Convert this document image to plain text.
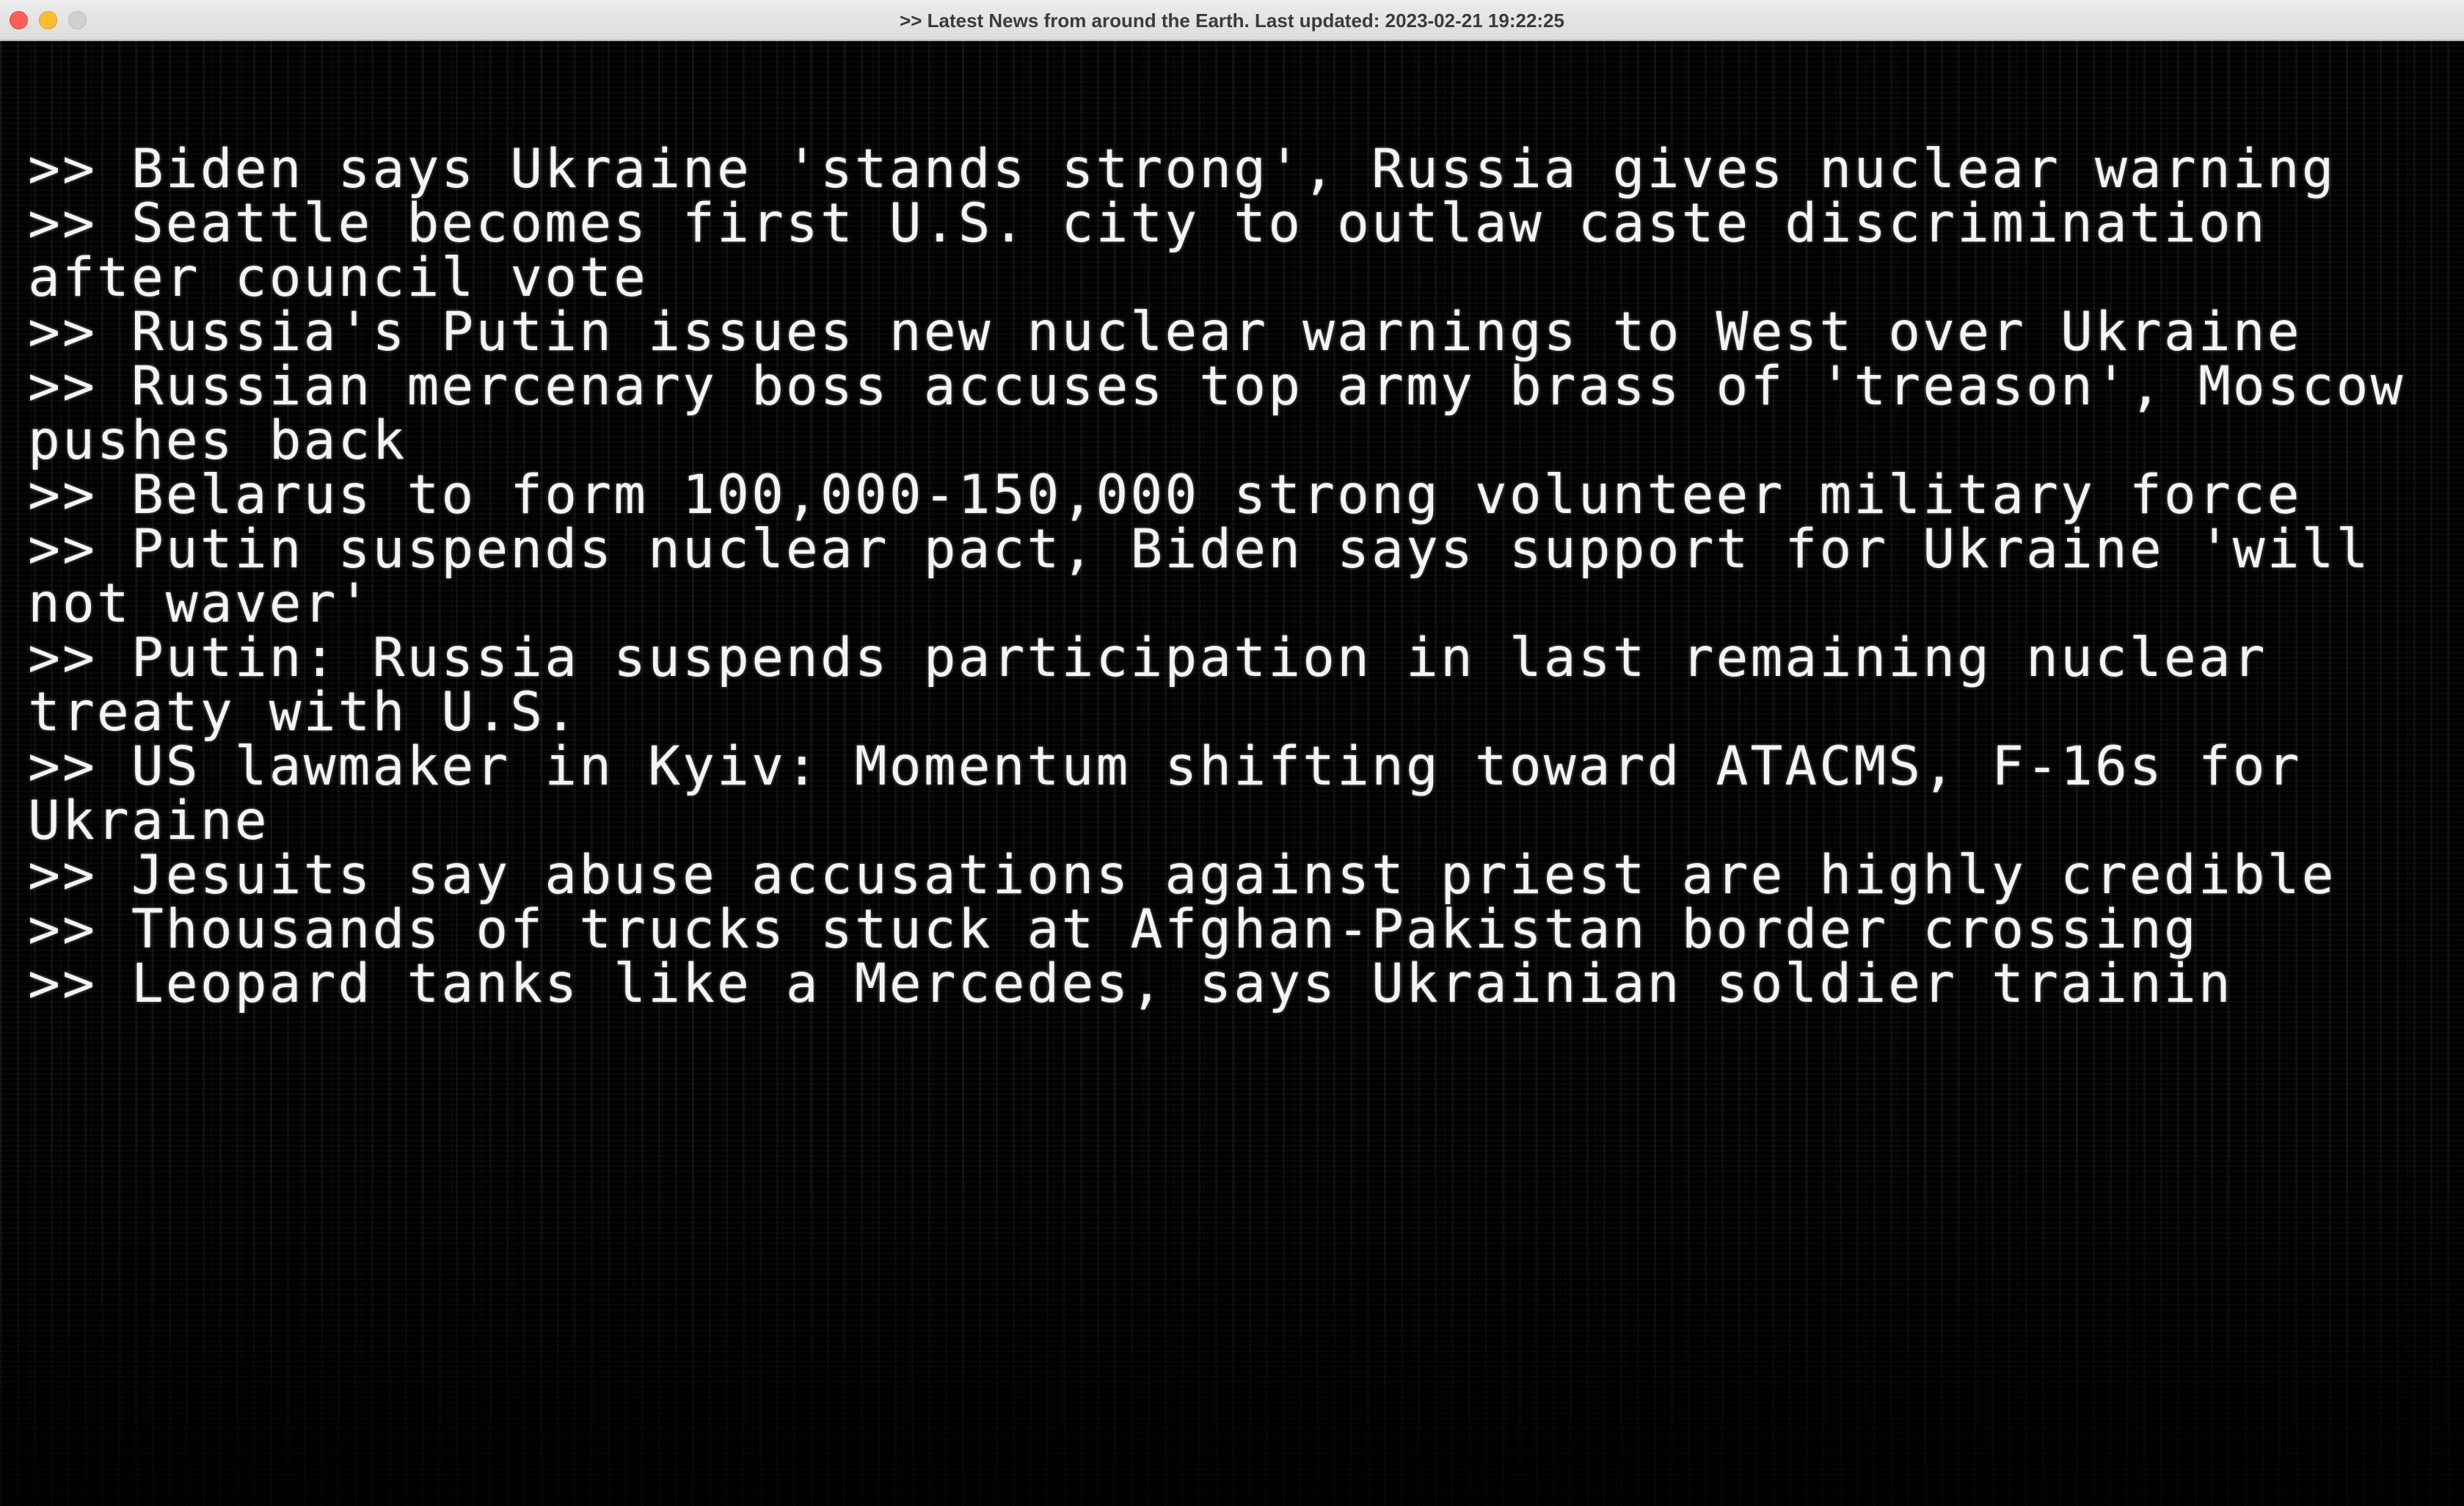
>> Latest News from around the Earth. Last updated: 2023-02-21 19:22:25
>> Biden says Ukraine 'stands strong', Russia gives nuclear warning
>> Seattle becomes first U.S. city to outlaw caste discrimination after council vote
>> Russia's Putin issues new nuclear warnings to West over Ukraine
>> Russian mercenary boss accuses top army brass of 'treason', Moscow pushes back
>> Belarus to form 100,000-150,000 strong volunteer military force
>> Putin suspends nuclear pact, Biden says support for Ukraine 'will not waver'
>> Putin: Russia suspends participation in last remaining nuclear treaty with U.S.
>> US lawmaker in Kyiv: Momentum shifting toward ATACMS, F-16s for Ukraine
>> Jesuits say abuse accusations against priest are highly credible
>> Thousands of trucks stuck at Afghan-Pakistan border crossing
>> Leopard tanks like a Mercedes, says Ukrainian soldier trainin
